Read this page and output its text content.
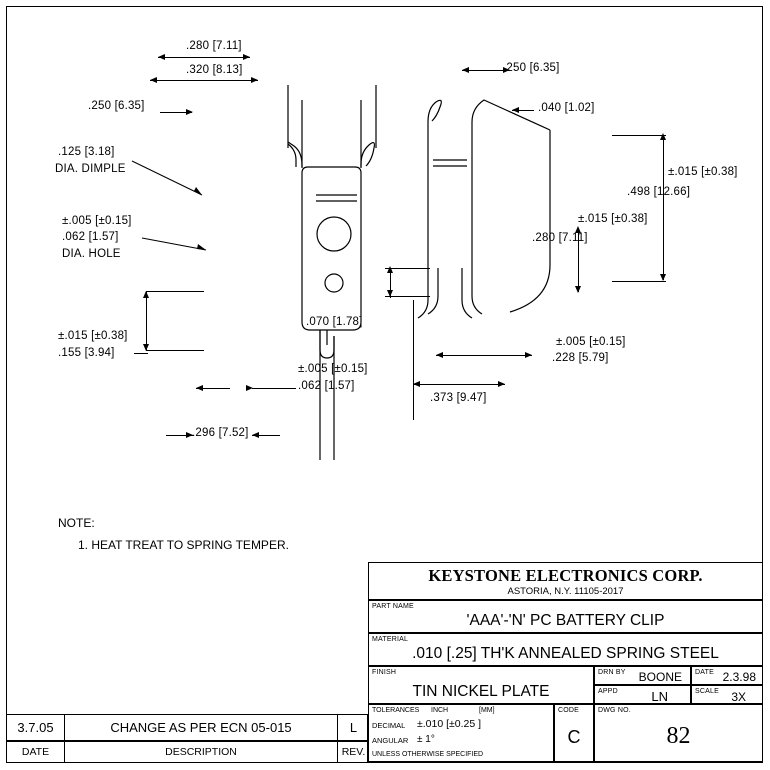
.280 [7.11]
.320 [8.13]
.250 [6.35]
.125 [3.18]
DIA. DIMPLE
±.005 [±0.15]
.062 [1.57]
DIA. HOLE
±.015 [±0.38]
.155 [3.94]
±.005 [±0.15]
.062 [1.57]
.296 [7.52]
.250 [6.35]
.040 [1.02]
±.015 [±0.38]
.498 [12.66]
±.015 [±0.38]
.280 [7.11]
.070 [1.78]
±.005 [±0.15]
.228 [5.79]
.373 [9.47]
NOTE:
1. HEAT TREAT TO SPRING TEMPER.
KEYSTONE ELECTRONICS CORP.
ASTORIA, N.Y. 11105-2017
PART NAME
'AAA'-'N' PC BATTERY CLIP
MATERIAL
.010 [.25] TH'K ANNEALED SPRING STEEL
FINISH
TIN NICKEL PLATE
DRN BY BOONE DATE 2.3.98
APPD	LN	SCALE 3X
TOLERANCES INCH	[MM]
DECIMAL ±.010 [±0.25 ]
ANGULAR ± 1°
UNLESS OTHERWISE SPECIFIED
CODE
C
DWG NO.
82
3.7.05	CHANGE AS PER ECN 05-015	L
DATE	DESCRIPTION	REV.
